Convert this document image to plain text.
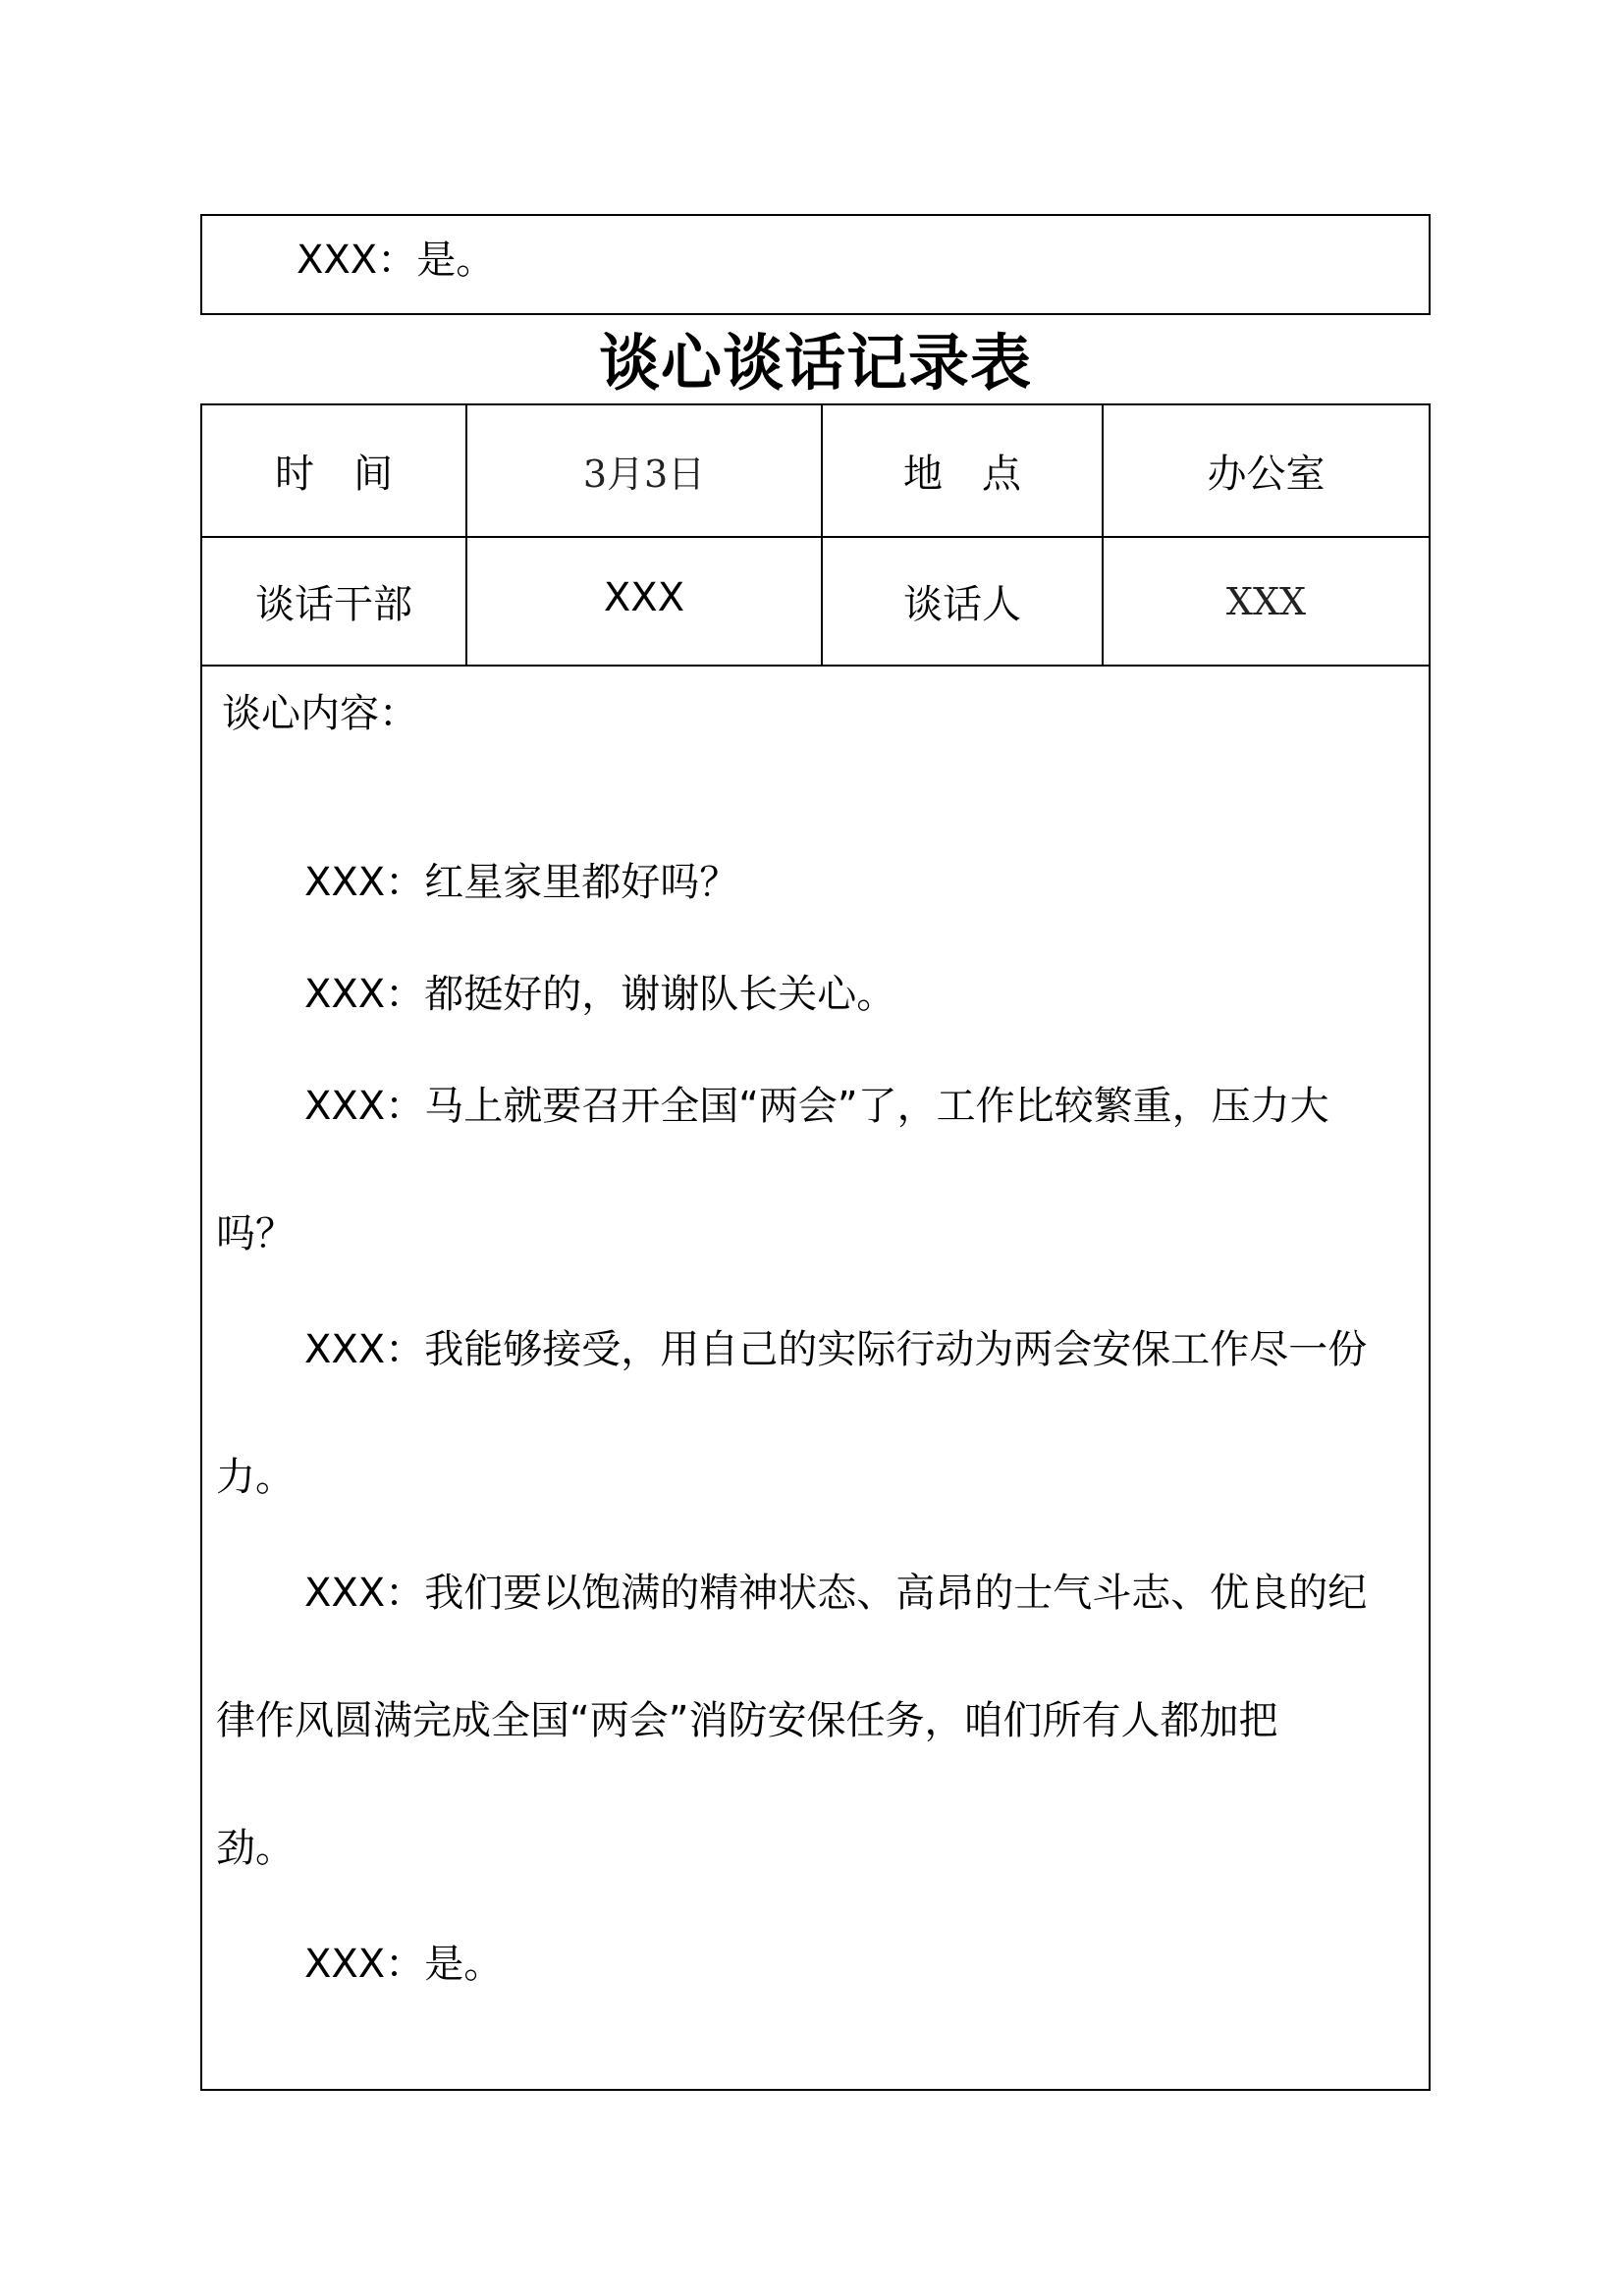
XXX：是。
谈心谈话记录表
时　间	3月3日	地　点	办公室
谈话干部	XXX	谈话人	XXX
谈心内容：
XXX：红星家里都好吗？
XXX：都挺好的，谢谢队长关心。
XXX：马上就要召开全国“两会”了，工作比较繁重，压力大
吗？
XXX：我能够接受，用自己的实际行动为两会安保工作尽一份
力。
XXX：我们要以饱满的精神状态、高昂的士气斗志、优良的纪
律作风圆满完成全国“两会”消防安保任务，咱们所有人都加把
劲。
XXX：是。
